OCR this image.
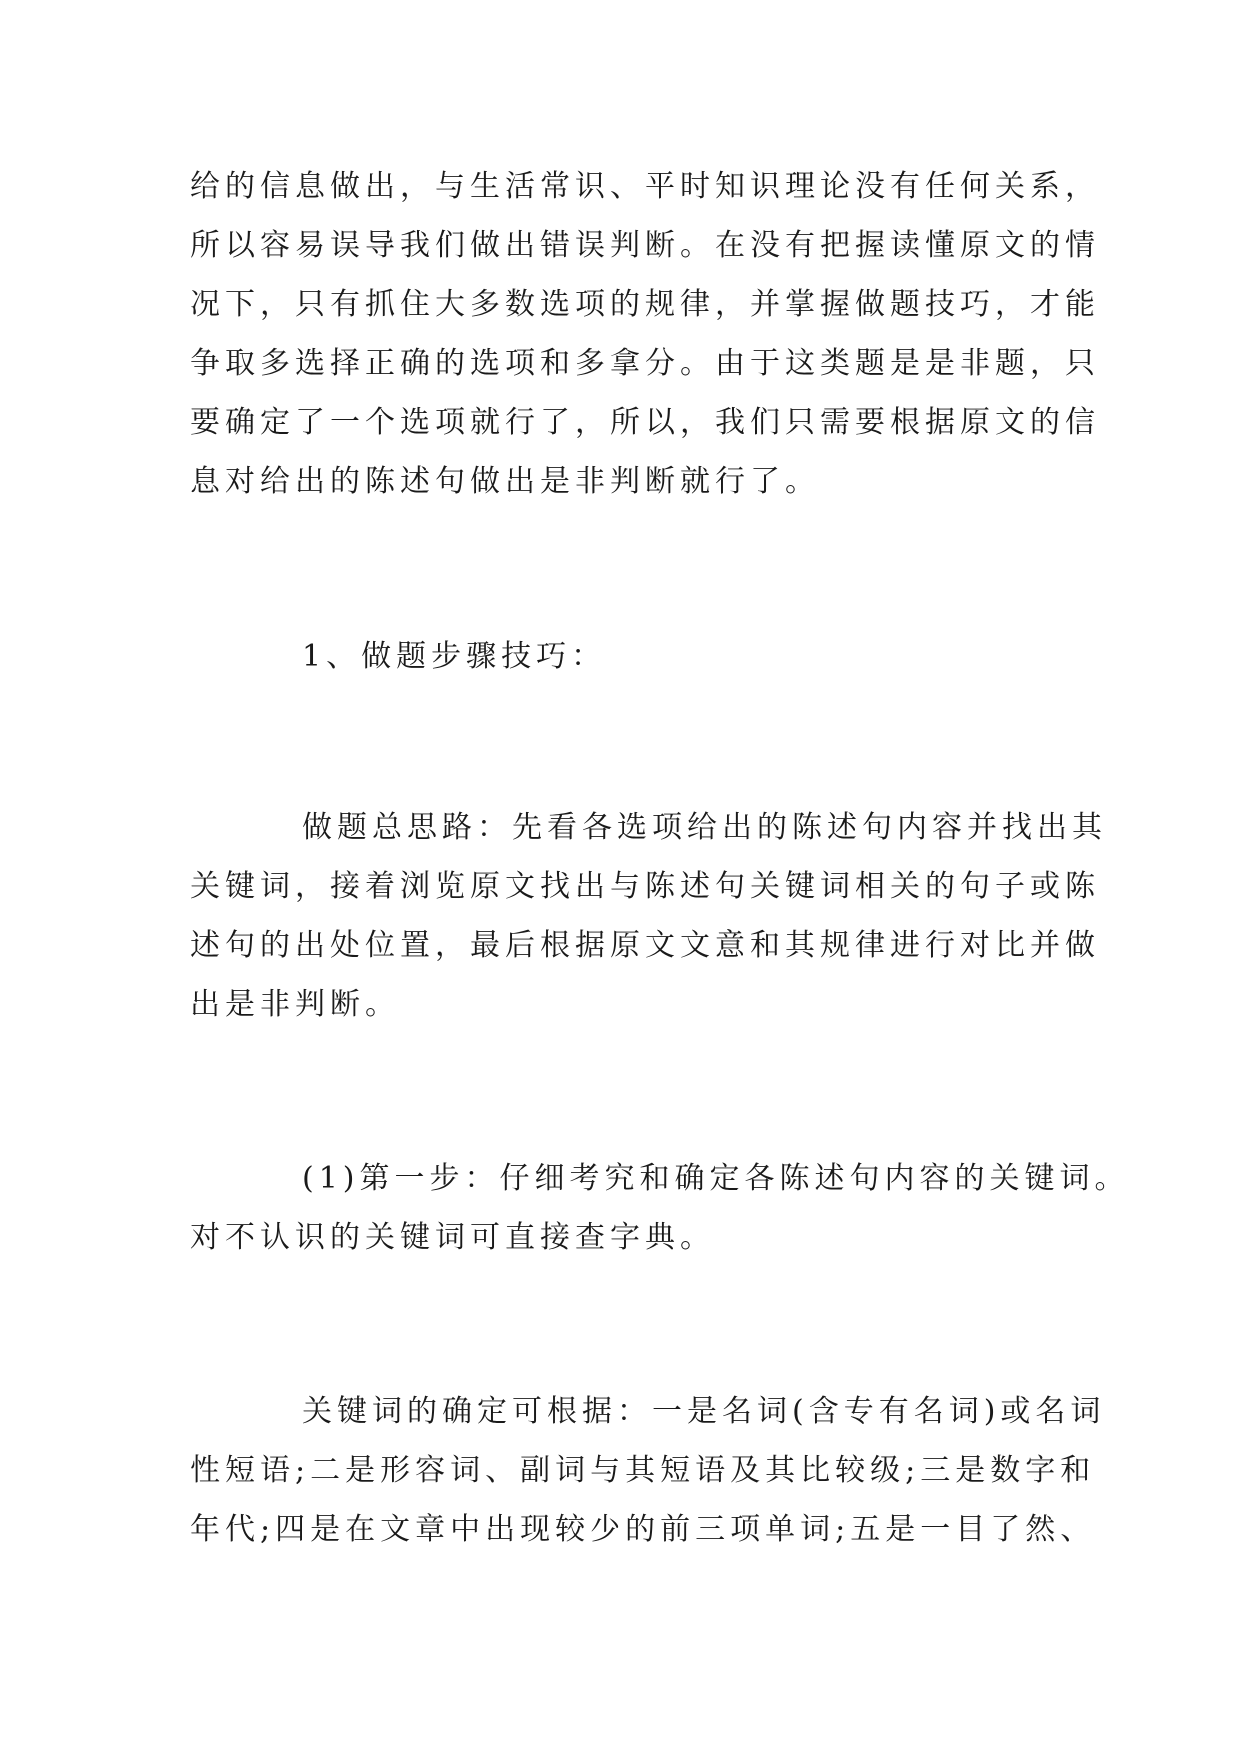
给的信息做出，与生活常识、平时知识理论没有任何关系，
所以容易误导我们做出错误判断。在没有把握读懂原文的情
况下，只有抓住大多数选项的规律，并掌握做题技巧，才能
争取多选择正确的选项和多拿分。由于这类题是是非题，只
要确定了一个选项就行了，所以，我们只需要根据原文的信
息对给出的陈述句做出是非判断就行了。

1、做题步骤技巧：

做题总思路：先看各选项给出的陈述句内容并找出其
关键词，接着浏览原文找出与陈述句关键词相关的句子或陈
述句的出处位置，最后根据原文文意和其规律进行对比并做
出是非判断。

(1)第一步：仔细考究和确定各陈述句内容的关键词。
对不认识的关键词可直接查字典。

关键词的确定可根据：一是名词(含专有名词)或名词
性短语;二是形容词、副词与其短语及其比较级;三是数字和
年代;四是在文章中出现较少的前三项单词;五是一目了然、
